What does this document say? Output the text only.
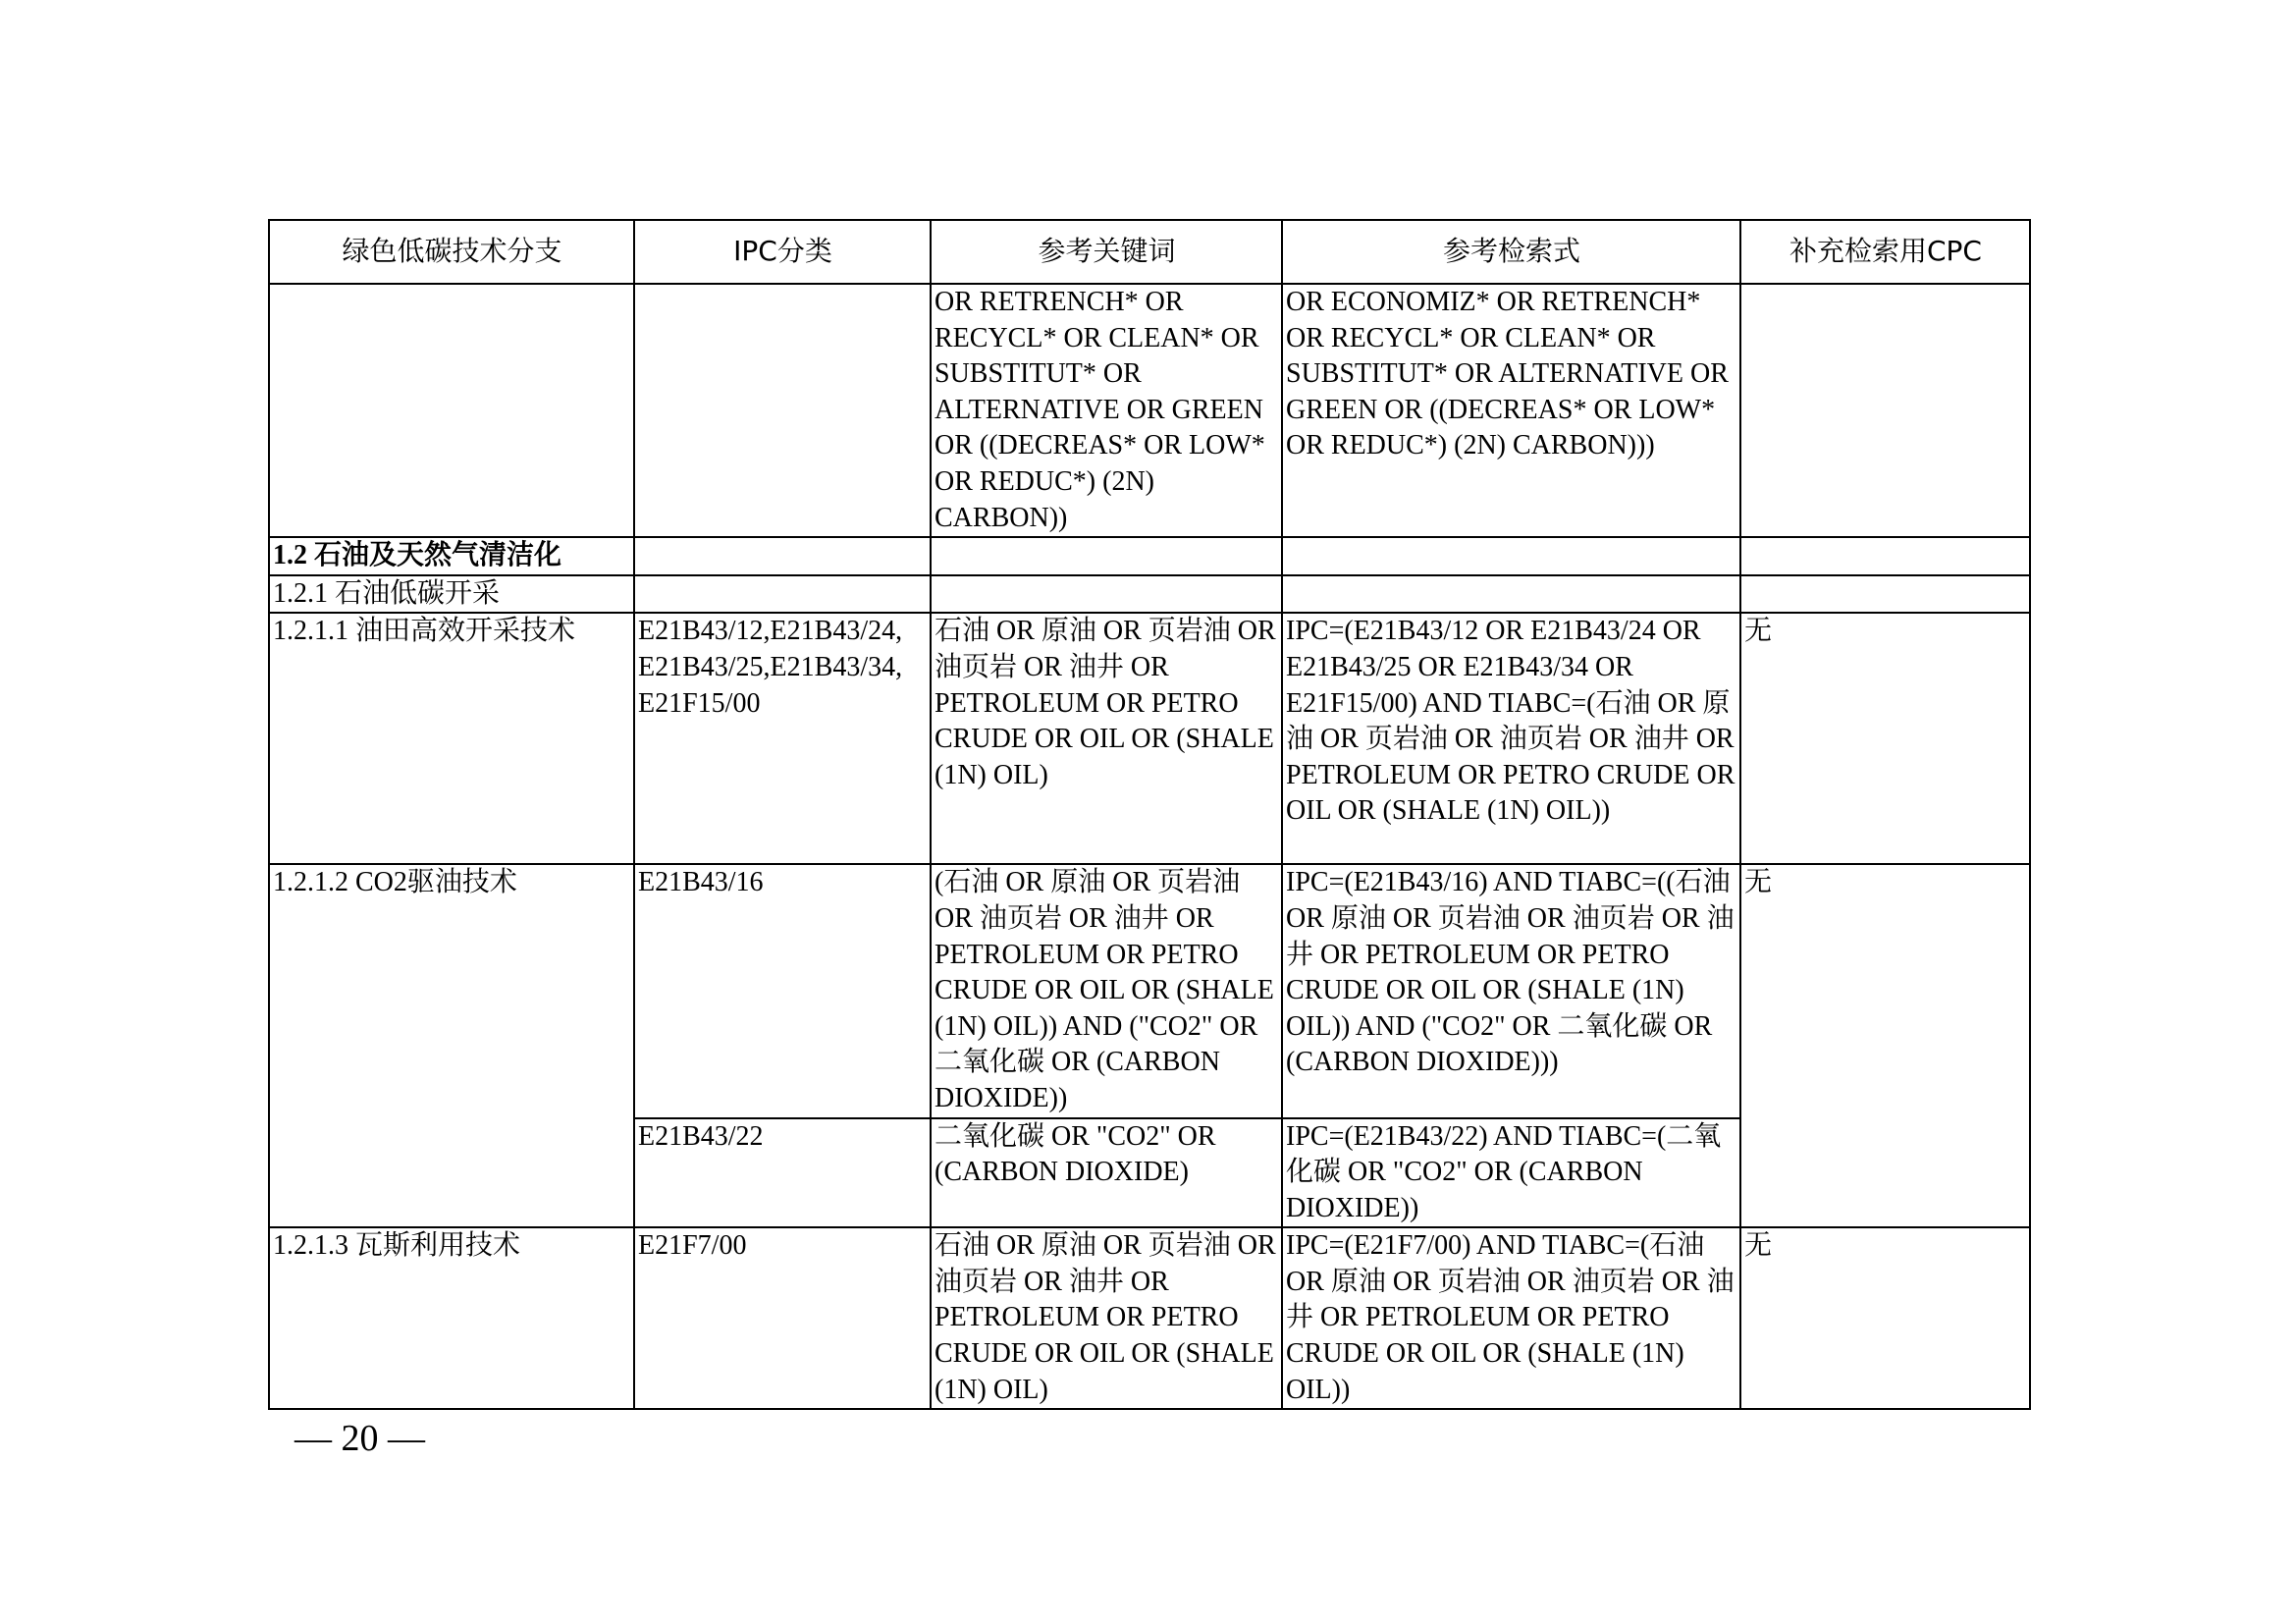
绿色低碳技术分支	IPC分类	参考关键词	参考检索式	补充检索用CPC
		OR RETRENCH* OR RECYCL* OR CLEAN* OR SUBSTITUT* OR ALTERNATIVE OR GREEN OR ((DECREAS* OR LOW* OR REDUC*) (2N) CARBON))	OR ECONOMIZ* OR RETRENCH* OR RECYCL* OR CLEAN* OR SUBSTITUT* OR ALTERNATIVE OR GREEN OR ((DECREAS* OR LOW* OR REDUC*) (2N) CARBON)))	
1.2 石油及天然气清洁化				
1.2.1 石油低碳开采				
1.2.1.1 油田高效开采技术	E21B43/12,E21B43/24, E21B43/25,E21B43/34, E21F15/00	石油 OR 原油 OR 页岩油 OR 油页岩 OR 油井 OR PETROLEUM OR PETRO CRUDE OR OIL OR (SHALE (1N) OIL)	IPC=(E21B43/12 OR E21B43/24 OR E21B43/25 OR E21B43/34 OR E21F15/00) AND TIABC=(石油 OR 原油 OR 页岩油 OR 油页岩 OR 油井 OR PETROLEUM OR PETRO CRUDE OR OIL OR (SHALE (1N) OIL))	无
1.2.1.2 CO2驱油技术	E21B43/16	(石油 OR 原油 OR 页岩油 OR 油页岩 OR 油井 OR PETROLEUM OR PETRO CRUDE OR OIL OR (SHALE (1N) OIL)) AND ("CO2" OR 二氧化碳 OR (CARBON DIOXIDE))	IPC=(E21B43/16) AND TIABC=((石油 OR 原油 OR 页岩油 OR 油页岩 OR 油井 OR PETROLEUM OR PETRO CRUDE OR OIL OR (SHALE (1N) OIL)) AND ("CO2" OR 二氧化碳 OR (CARBON DIOXIDE)))	无
	E21B43/22	二氧化碳 OR "CO2" OR (CARBON DIOXIDE)	IPC=(E21B43/22) AND TIABC=(二氧化碳 OR "CO2" OR (CARBON DIOXIDE))	
1.2.1.3 瓦斯利用技术	E21F7/00	石油 OR 原油 OR 页岩油 OR 油页岩 OR 油井 OR PETROLEUM OR PETRO CRUDE OR OIL OR (SHALE (1N) OIL)	IPC=(E21F7/00) AND TIABC=(石油 OR 原油 OR 页岩油 OR 油页岩 OR 油井 OR PETROLEUM OR PETRO CRUDE OR OIL OR (SHALE (1N) OIL))	无
— 20 —
